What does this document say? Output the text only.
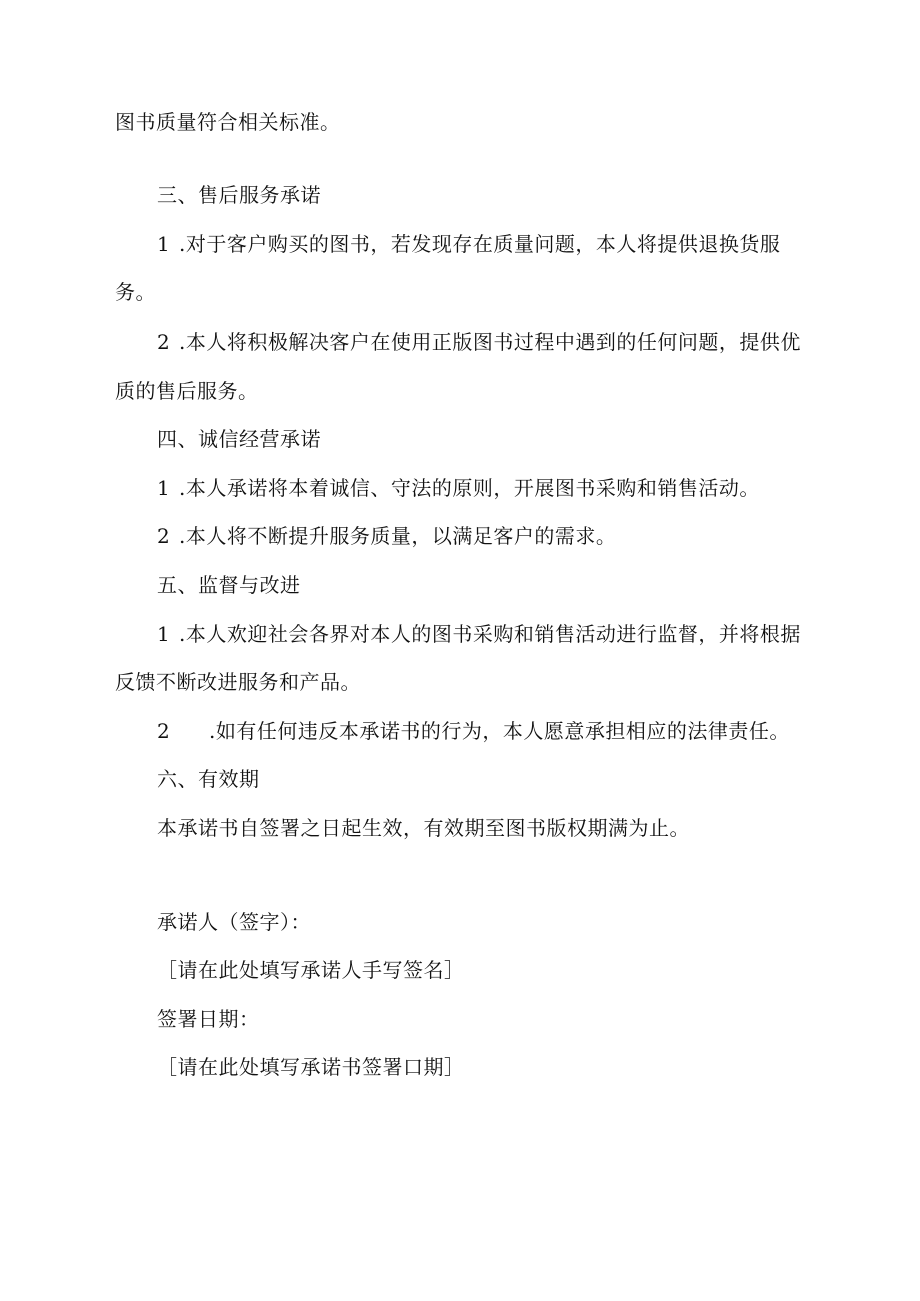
图书质量符合相关标准。
三、售后服务承诺
1 .对于客户购买的图书，若发现存在质量问题，本人将提供退换货服
务。
2 .本人将积极解决客户在使用正版图书过程中遇到的任何问题，提供优
质的售后服务。
四、诚信经营承诺
1 .本人承诺将本着诚信、守法的原则，开展图书采购和销售活动。
2 .本人将不断提升服务质量，以满足客户的需求。
五、监督与改进
1 .本人欢迎社会各界对本人的图书采购和销售活动进行监督，并将根据
反馈不断改进服务和产品。
2 .如有任何违反本承诺书的行为，本人愿意承担相应的法律责任。
六、有效期
本承诺书自签署之日起生效，有效期至图书版权期满为止。
承诺人（签字）：
［请在此处填写承诺人手写签名］
签署日期：
［请在此处填写承诺书签署口期］
